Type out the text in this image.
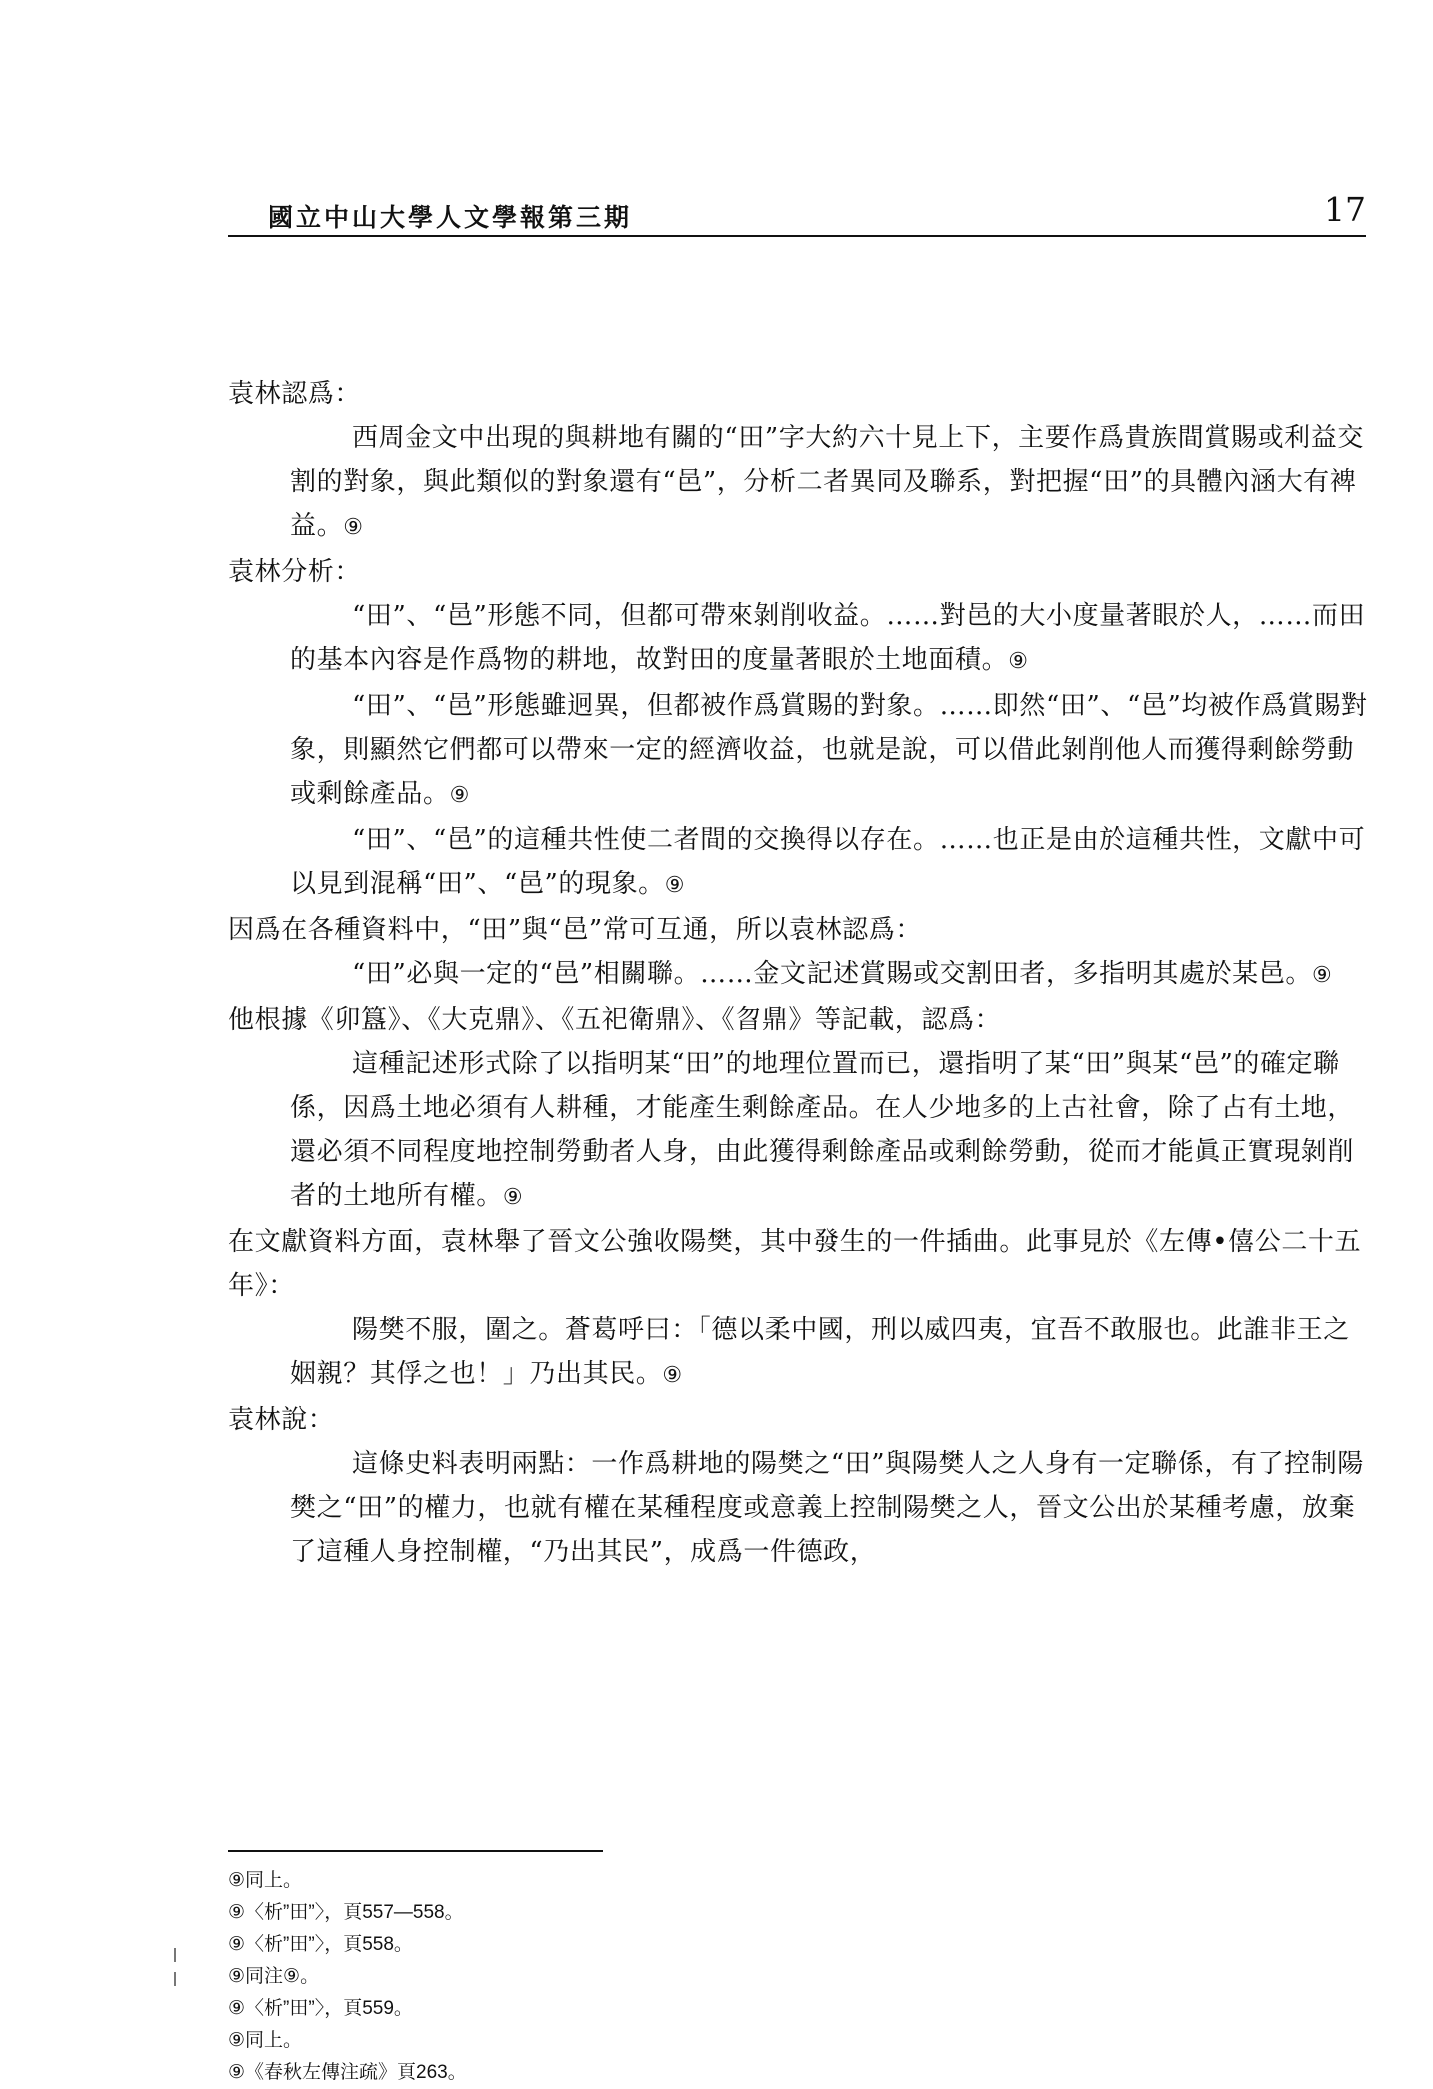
國立中山大學人文學報第三期	17

袁林認爲：

西周金文中出現的與耕地有關的“田”字大約六十見上下，主要作爲貴族間賞賜或利益交割的對象，與此類似的對象還有“邑”，分析二者異同及聯系，對把握“田”的具體內涵大有裨益。⑨

袁林分析：

“田”、“邑”形態不同，但都可帶來剝削收益。……對邑的大小度量著眼於人，……而田的基本內容是作爲物的耕地，故對田的度量著眼於土地面積。⑨

“田”、“邑”形態雖迥異，但都被作爲賞賜的對象。……即然“田”、“邑”均被作爲賞賜對象，則顯然它們都可以帶來一定的經濟收益，也就是說，可以借此剝削他人而獲得剩餘勞動或剩餘產品。⑨

“田”、“邑”的這種共性使二者間的交換得以存在。……也正是由於這種共性，文獻中可以見到混稱“田”、“邑”的現象。⑨

因爲在各種資料中，“田”與“邑”常可互通，所以袁林認爲：

“田”必與一定的“邑”相關聯。……金文記述賞賜或交割田者，多指明其處於某邑。⑨

他根據《卯簋》、《大克鼎》、《五祀衛鼎》、《曶鼎》等記載，認爲：

這種記述形式除了以指明某“田”的地理位置而已，還指明了某“田”與某“邑”的確定聯係，因爲土地必須有人耕種，才能產生剩餘產品。在人少地多的上古社會，除了占有土地，還必須不同程度地控制勞動者人身，由此獲得剩餘產品或剩餘勞動，從而才能眞正實現剝削者的土地所有權。⑨

在文獻資料方面，袁林舉了晉文公強收陽樊，其中發生的一件插曲。此事見於《左傳•僖公二十五年》：

陽樊不服，圍之。蒼葛呼曰：「德以柔中國，刑以威四夷，宜吾不敢服也。此誰非王之姻親？其俘之也！」乃出其民。⑨

袁林說：

這條史料表明兩點：一作爲耕地的陽樊之“田”與陽樊人之人身有一定聯係，有了控制陽樊之“田”的權力，也就有權在某種程度或意義上控制陽樊之人，晉文公出於某種考慮，放棄了這種人身控制權，“乃出其民”，成爲一件德政，

⑨同上。

⑨〈析”田”〉，頁557—558。

⑨〈析”田”〉，頁558。

⑨同注⑨。

⑨〈析”田”〉，頁559。

⑨同上。

⑨《春秋左傳注疏》頁263。
